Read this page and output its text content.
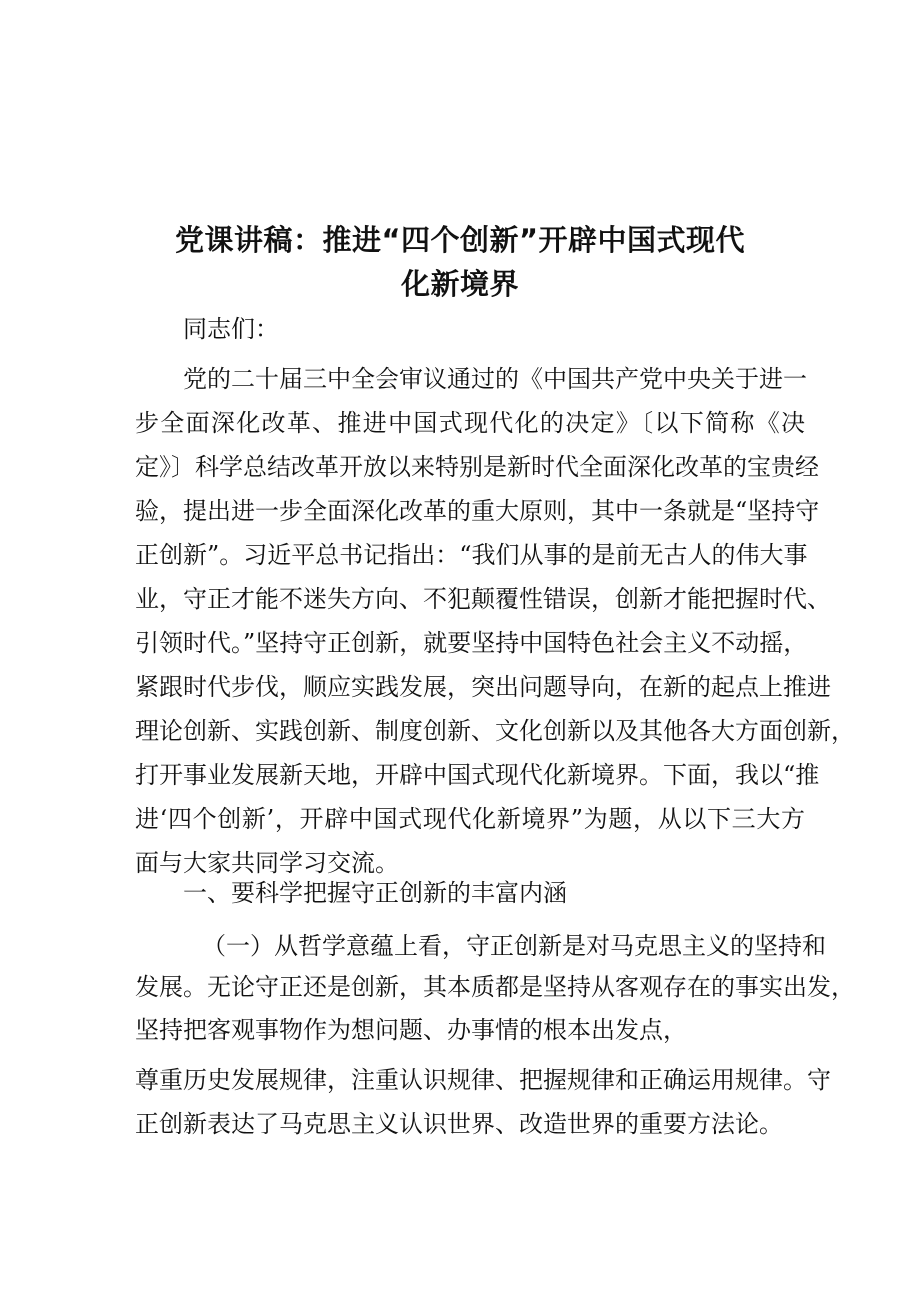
党课讲稿：推进“四个创新”开辟中国式现代
化新境界
同志们：
党的二十届三中全会审议通过的《中国共产党中央关于进一
步全面深化改革、推进中国式现代化的决定》〔以下简称《决
定》〕科学总结改革开放以来特别是新时代全面深化改革的宝贵经
验，提出进一步全面深化改革的重大原则，其中一条就是“坚持守
正创新”。习近平总书记指出：“我们从事的是前无古人的伟大事
业，守正才能不迷失方向、不犯颠覆性错误，创新才能把握时代、
引领时代。”坚持守正创新，就要坚持中国特色社会主义不动摇，
紧跟时代步伐，顺应实践发展，突出问题导向，在新的起点上推进
理论创新、实践创新、制度创新、文化创新以及其他各大方面创新，
打开事业发展新天地，开辟中国式现代化新境界。下面，我以“推
进‘四个创新’，开辟中国式现代化新境界”为题，从以下三大方
面与大家共同学习交流。
一、要科学把握守正创新的丰富内涵
（一）从哲学意蕴上看，守正创新是对马克思主义的坚持和
发展。无论守正还是创新，其本质都是坚持从客观存在的事实出发，
坚持把客观事物作为想问题、办事情的根本出发点，
尊重历史发展规律，注重认识规律、把握规律和正确运用规律。守
正创新表达了马克思主义认识世界、改造世界的重要方法论。
